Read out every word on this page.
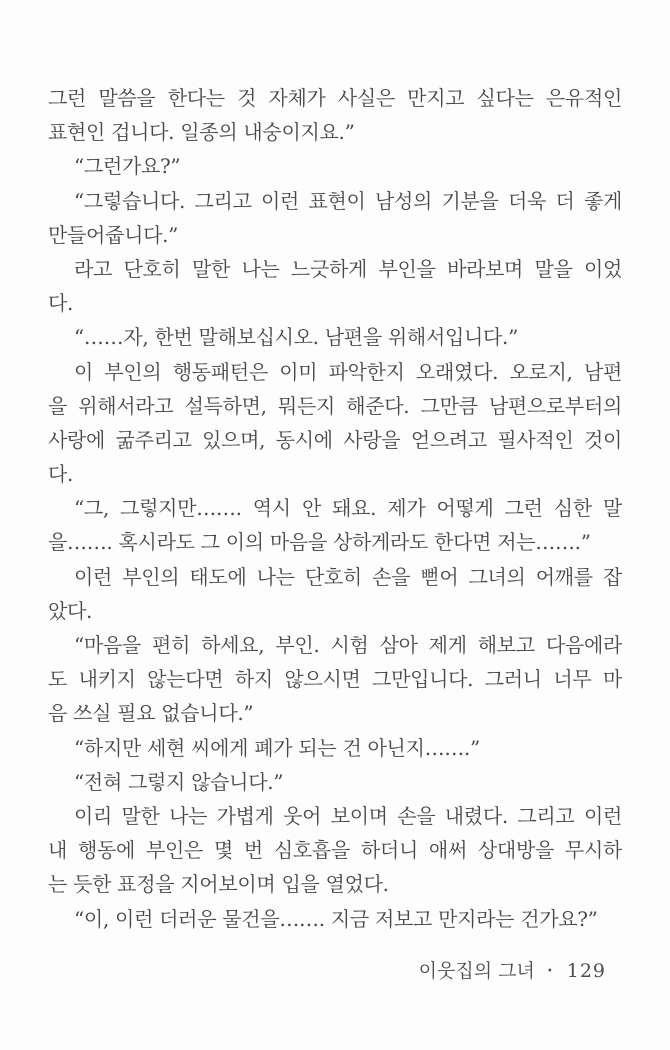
그런 말씀을 한다는 것 자체가 사실은 만지고 싶다는 은유적인
표현인 겁니다. 일종의 내숭이지요.”
“그런가요?”
“그렇습니다. 그리고 이런 표현이 남성의 기분을 더욱 더 좋게
만들어줍니다.”
라고 단호히 말한 나는 느긋하게 부인을 바라보며 말을 이었
다.
“……자, 한번 말해보십시오. 남편을 위해서입니다.”
이 부인의 행동패턴은 이미 파악한지 오래였다. 오로지, 남편
을 위해서라고 설득하면, 뭐든지 해준다. 그만큼 남편으로부터의
사랑에 굶주리고 있으며, 동시에 사랑을 얻으려고 필사적인 것이
다.
“그, 그렇지만……. 역시 안 돼요. 제가 어떻게 그런 심한 말
을……. 혹시라도 그 이의 마음을 상하게라도 한다면 저는…….”
이런 부인의 태도에 나는 단호히 손을 뻗어 그녀의 어깨를 잡
았다.
“마음을 편히 하세요, 부인. 시험 삼아 제게 해보고 다음에라
도 내키지 않는다면 하지 않으시면 그만입니다. 그러니 너무 마
음 쓰실 필요 없습니다.”
“하지만 세현 씨에게 폐가 되는 건 아닌지…….”
“전혀 그렇지 않습니다.”
이리 말한 나는 가볍게 웃어 보이며 손을 내렸다. 그리고 이런
내 행동에 부인은 몇 번 심호흡을 하더니 애써 상대방을 무시하
는 듯한 표정을 지어보이며 입을 열었다.
“이, 이런 더러운 물건을……. 지금 저보고 만지라는 건가요?”
이웃집의 그녀 • 129
